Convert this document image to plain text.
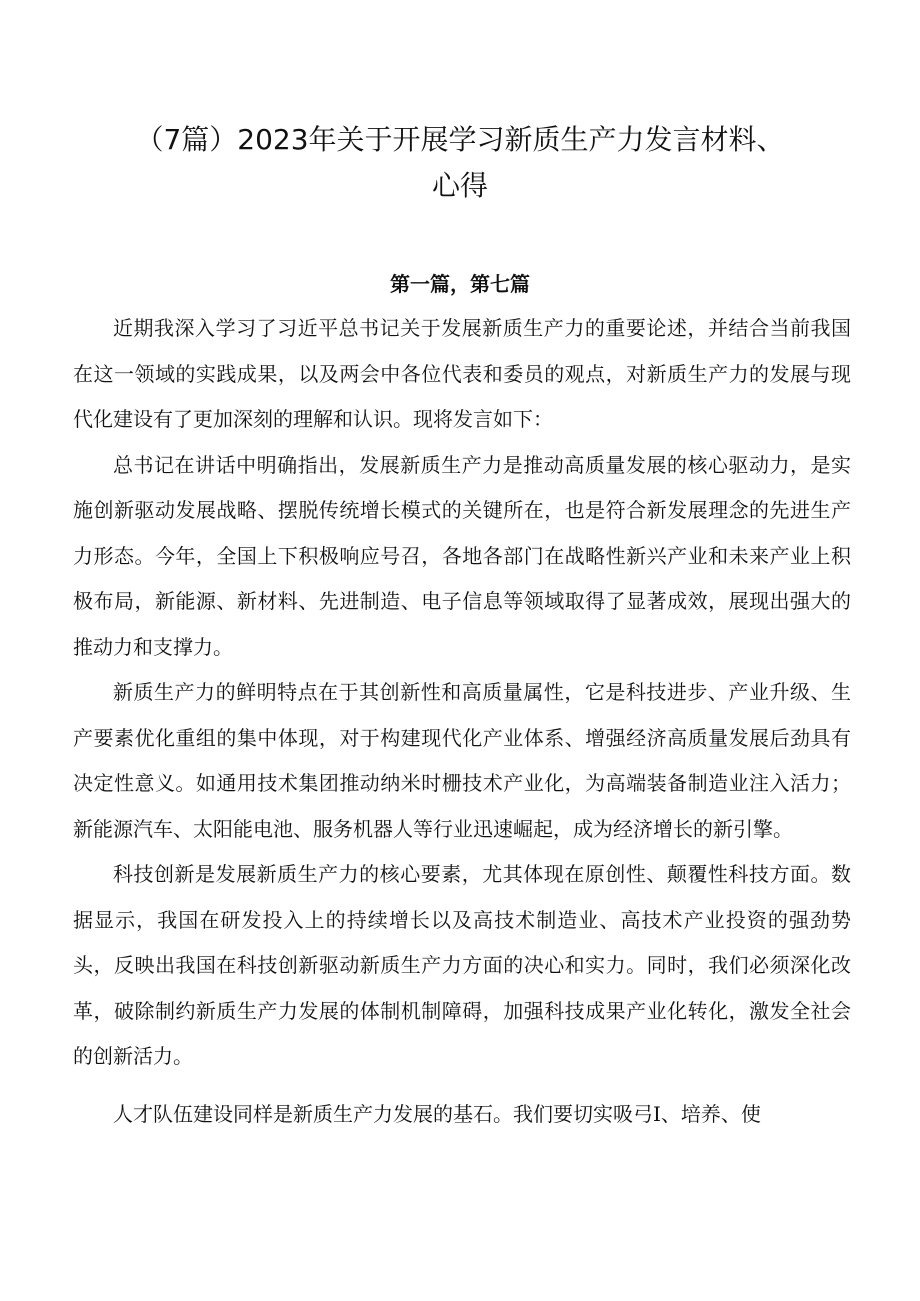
（7篇）2023年关于开展学习新质生产力发言材料、
心得
第一篇，第七篇

近期我深入学习了习近平总书记关于发展新质生产力的重要论述，并结合当前我国在这一领域的实践成果，以及两会中各位代表和委员的观点，对新质生产力的发展与现代化建设有了更加深刻的理解和认识。现将发言如下：

总书记在讲话中明确指出，发展新质生产力是推动高质量发展的核心驱动力，是实施创新驱动发展战略、摆脱传统增长模式的关键所在，也是符合新发展理念的先进生产力形态。今年，全国上下积极响应号召，各地各部门在战略性新兴产业和未来产业上积极布局，新能源、新材料、先进制造、电子信息等领域取得了显著成效，展现出强大的推动力和支撑力。

新质生产力的鲜明特点在于其创新性和高质量属性，它是科技进步、产业升级、生产要素优化重组的集中体现，对于构建现代化产业体系、增强经济高质量发展后劲具有决定性意义。如通用技术集团推动纳米时栅技术产业化，为高端装备制造业注入活力；新能源汽车、太阳能电池、服务机器人等行业迅速崛起，成为经济增长的新引擎。

科技创新是发展新质生产力的核心要素，尤其体现在原创性、颠覆性科技方面。数据显示，我国在研发投入上的持续增长以及高技术制造业、高技术产业投资的强劲势头，反映出我国在科技创新驱动新质生产力方面的决心和实力。同时，我们必须深化改革，破除制约新质生产力发展的体制机制障碍，加强科技成果产业化转化，激发全社会的创新活力。

人才队伍建设同样是新质生产力发展的基石。我们要切实吸弓I、培养、使
